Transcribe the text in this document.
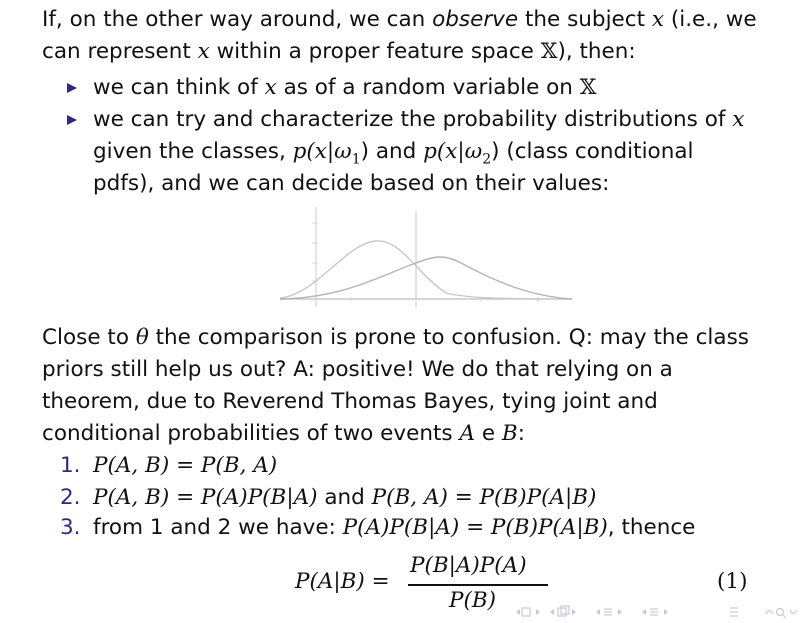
If, on the other way around, we can observe the subject x (i.e., we
can represent x within a proper feature space 𝕏), then:
we can think of x as of a random variable on 𝕏
we can try and characterize the probability distributions of x
given the classes, $p(x|\omega_1)$ and $p(x|\omega_2)$ (class conditional
pdfs), and we can decide based on their values:
Close to θ the comparison is prone to confusion. Q: may the class
priors still help us out? A: positive! We do that relying on a
theorem, due to Reverend Thomas Bayes, tying joint and
conditional probabilities of two events A e B:
1. P(A, B) = P(B, A)
2. P(A, B) = P(A)P(B|A) and P(B, A) = P(B)P(A|B)
3. from 1 and 2 we have: P(A)P(B|A) = P(B)P(A|B), thence
P(A|B) =
P(B|A)P(A)
P(B)
(1)
